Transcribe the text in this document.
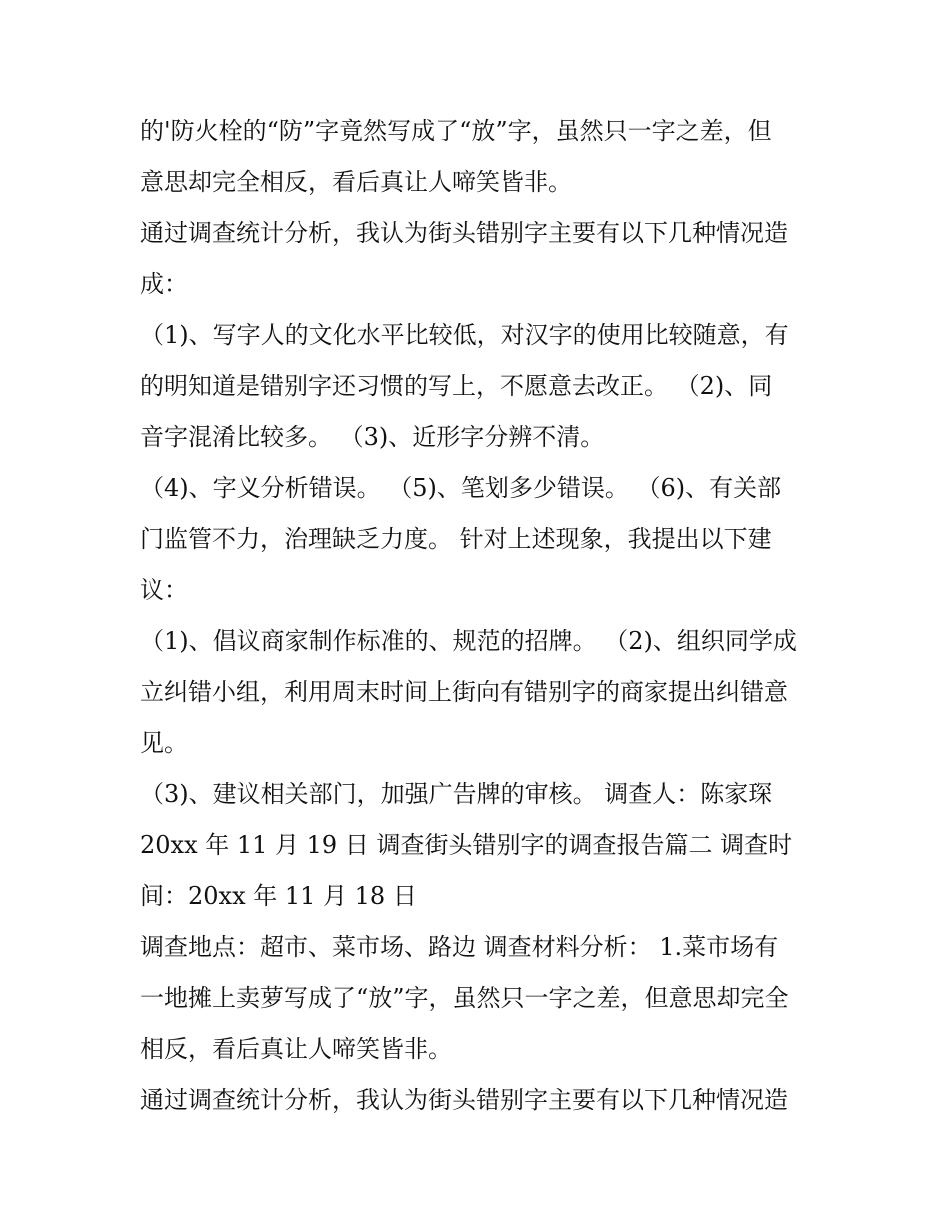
的'防火栓的“防”字竟然写成了“放”字，虽然只一字之差，但
意思却完全相反，看后真让人啼笑皆非。
通过调查统计分析，我认为街头错别字主要有以下几种情况造
成：
（1)、写字人的文化水平比较低，对汉字的使用比较随意，有
的明知道是错别字还习惯的写上，不愿意去改正。 （2)、同
音字混淆比较多。 （3)、近形字分辨不清。
（4)、字义分析错误。 （5)、笔划多少错误。 （6)、有关部
门监管不力，治理缺乏力度。 针对上述现象，我提出以下建
议：
（1)、倡议商家制作标准的、规范的招牌。 （2)、组织同学成
立纠错小组，利用周末时间上街向有错别字的商家提出纠错意
见。
（3)、建议相关部门，加强广告牌的审核。 调查人：陈家琛
20xx 年 11 月 19 日 调查街头错别字的调查报告篇二 调查时
间：20xx 年 11 月 18 日
调查地点：超市、菜市场、路边 调查材料分析： 1.菜市场有
一地摊上卖萝写成了“放”字，虽然只一字之差，但意思却完全
相反，看后真让人啼笑皆非。
通过调查统计分析，我认为街头错别字主要有以下几种情况造
